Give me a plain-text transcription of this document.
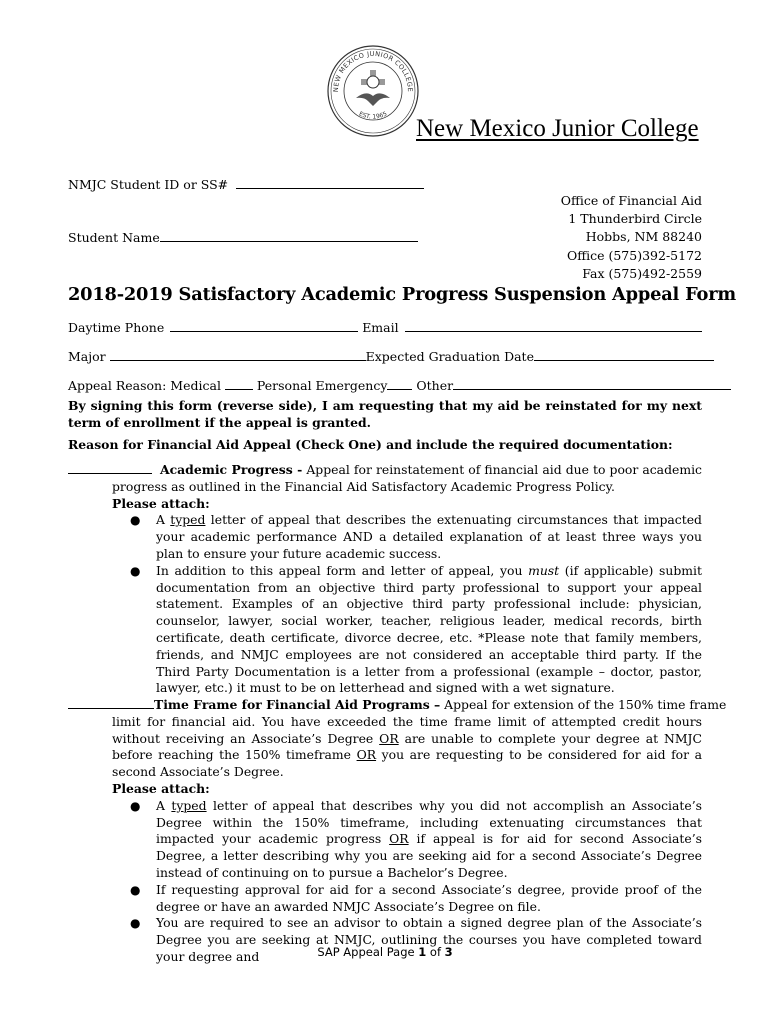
NEW MEXICO JUNIOR COLLEGE
EST. 1965
New Mexico Junior College
NMJC Student ID or SS#
Office of Financial Aid
1 Thunderbird Circle
Hobbs, NM 88240
Office (575)392-5172
Fax (575)492-2559
Student Name
2018-2019 Satisfactory Academic Progress Suspension Appeal Form
Daytime Phone	Email
Major	Expected Graduation Date
Appeal Reason: Medical	Personal Emergency Other
By signing this form (reverse side), I am requesting that my aid be reinstated for my next term of enrollment if the appeal is granted.
Reason for Financial Aid Appeal (Check One) and include the required documentation:
Academic Progress - Appeal for reinstatement of financial aid due to poor academic
progress as outlined in the Financial Aid Satisfactory Academic Progress Policy.
Please attach:
● A typed letter of appeal that describes the extenuating circumstances that impacted your academic performance AND a detailed explanation of at least three ways you plan to ensure your future academic success.
● In addition to this appeal form and letter of appeal, you must (if applicable) submit documentation from an objective third party professional to support your appeal statement. Examples of an objective third party professional include: physician, counselor, lawyer, social worker, teacher, religious leader, medical records, birth certificate, death certificate, divorce decree, etc. *Please note that family members, friends, and NMJC employees are not considered an acceptable third party. If the Third Party Documentation is a letter from a professional (example – doctor, pastor, lawyer, etc.) it must to be on letterhead and signed with a wet signature.
Time Frame for Financial Aid Programs – Appeal for extension of the 150% time frame
limit for financial aid. You have exceeded the time frame limit of attempted credit hours without receiving an Associate’s Degree OR are unable to complete your degree at NMJC before reaching the 150% timeframe OR you are requesting to be considered for aid for a second Associate’s Degree.
Please attach:
● A typed letter of appeal that describes why you did not accomplish an Associate’s Degree within the 150% timeframe, including extenuating circumstances that impacted your academic progress OR if appeal is for aid for second Associate’s Degree, a letter describing why you are seeking aid for a second Associate’s Degree instead of continuing on to pursue a Bachelor’s Degree.
● If requesting approval for aid for a second Associate’s degree, provide proof of the degree or have an awarded NMJC Associate’s Degree on file.
● You are required to see an advisor to obtain a signed degree plan of the Associate’s Degree you are seeking at NMJC, outlining the courses you have completed toward your degree and	SAP Appeal Page 1 of 3
